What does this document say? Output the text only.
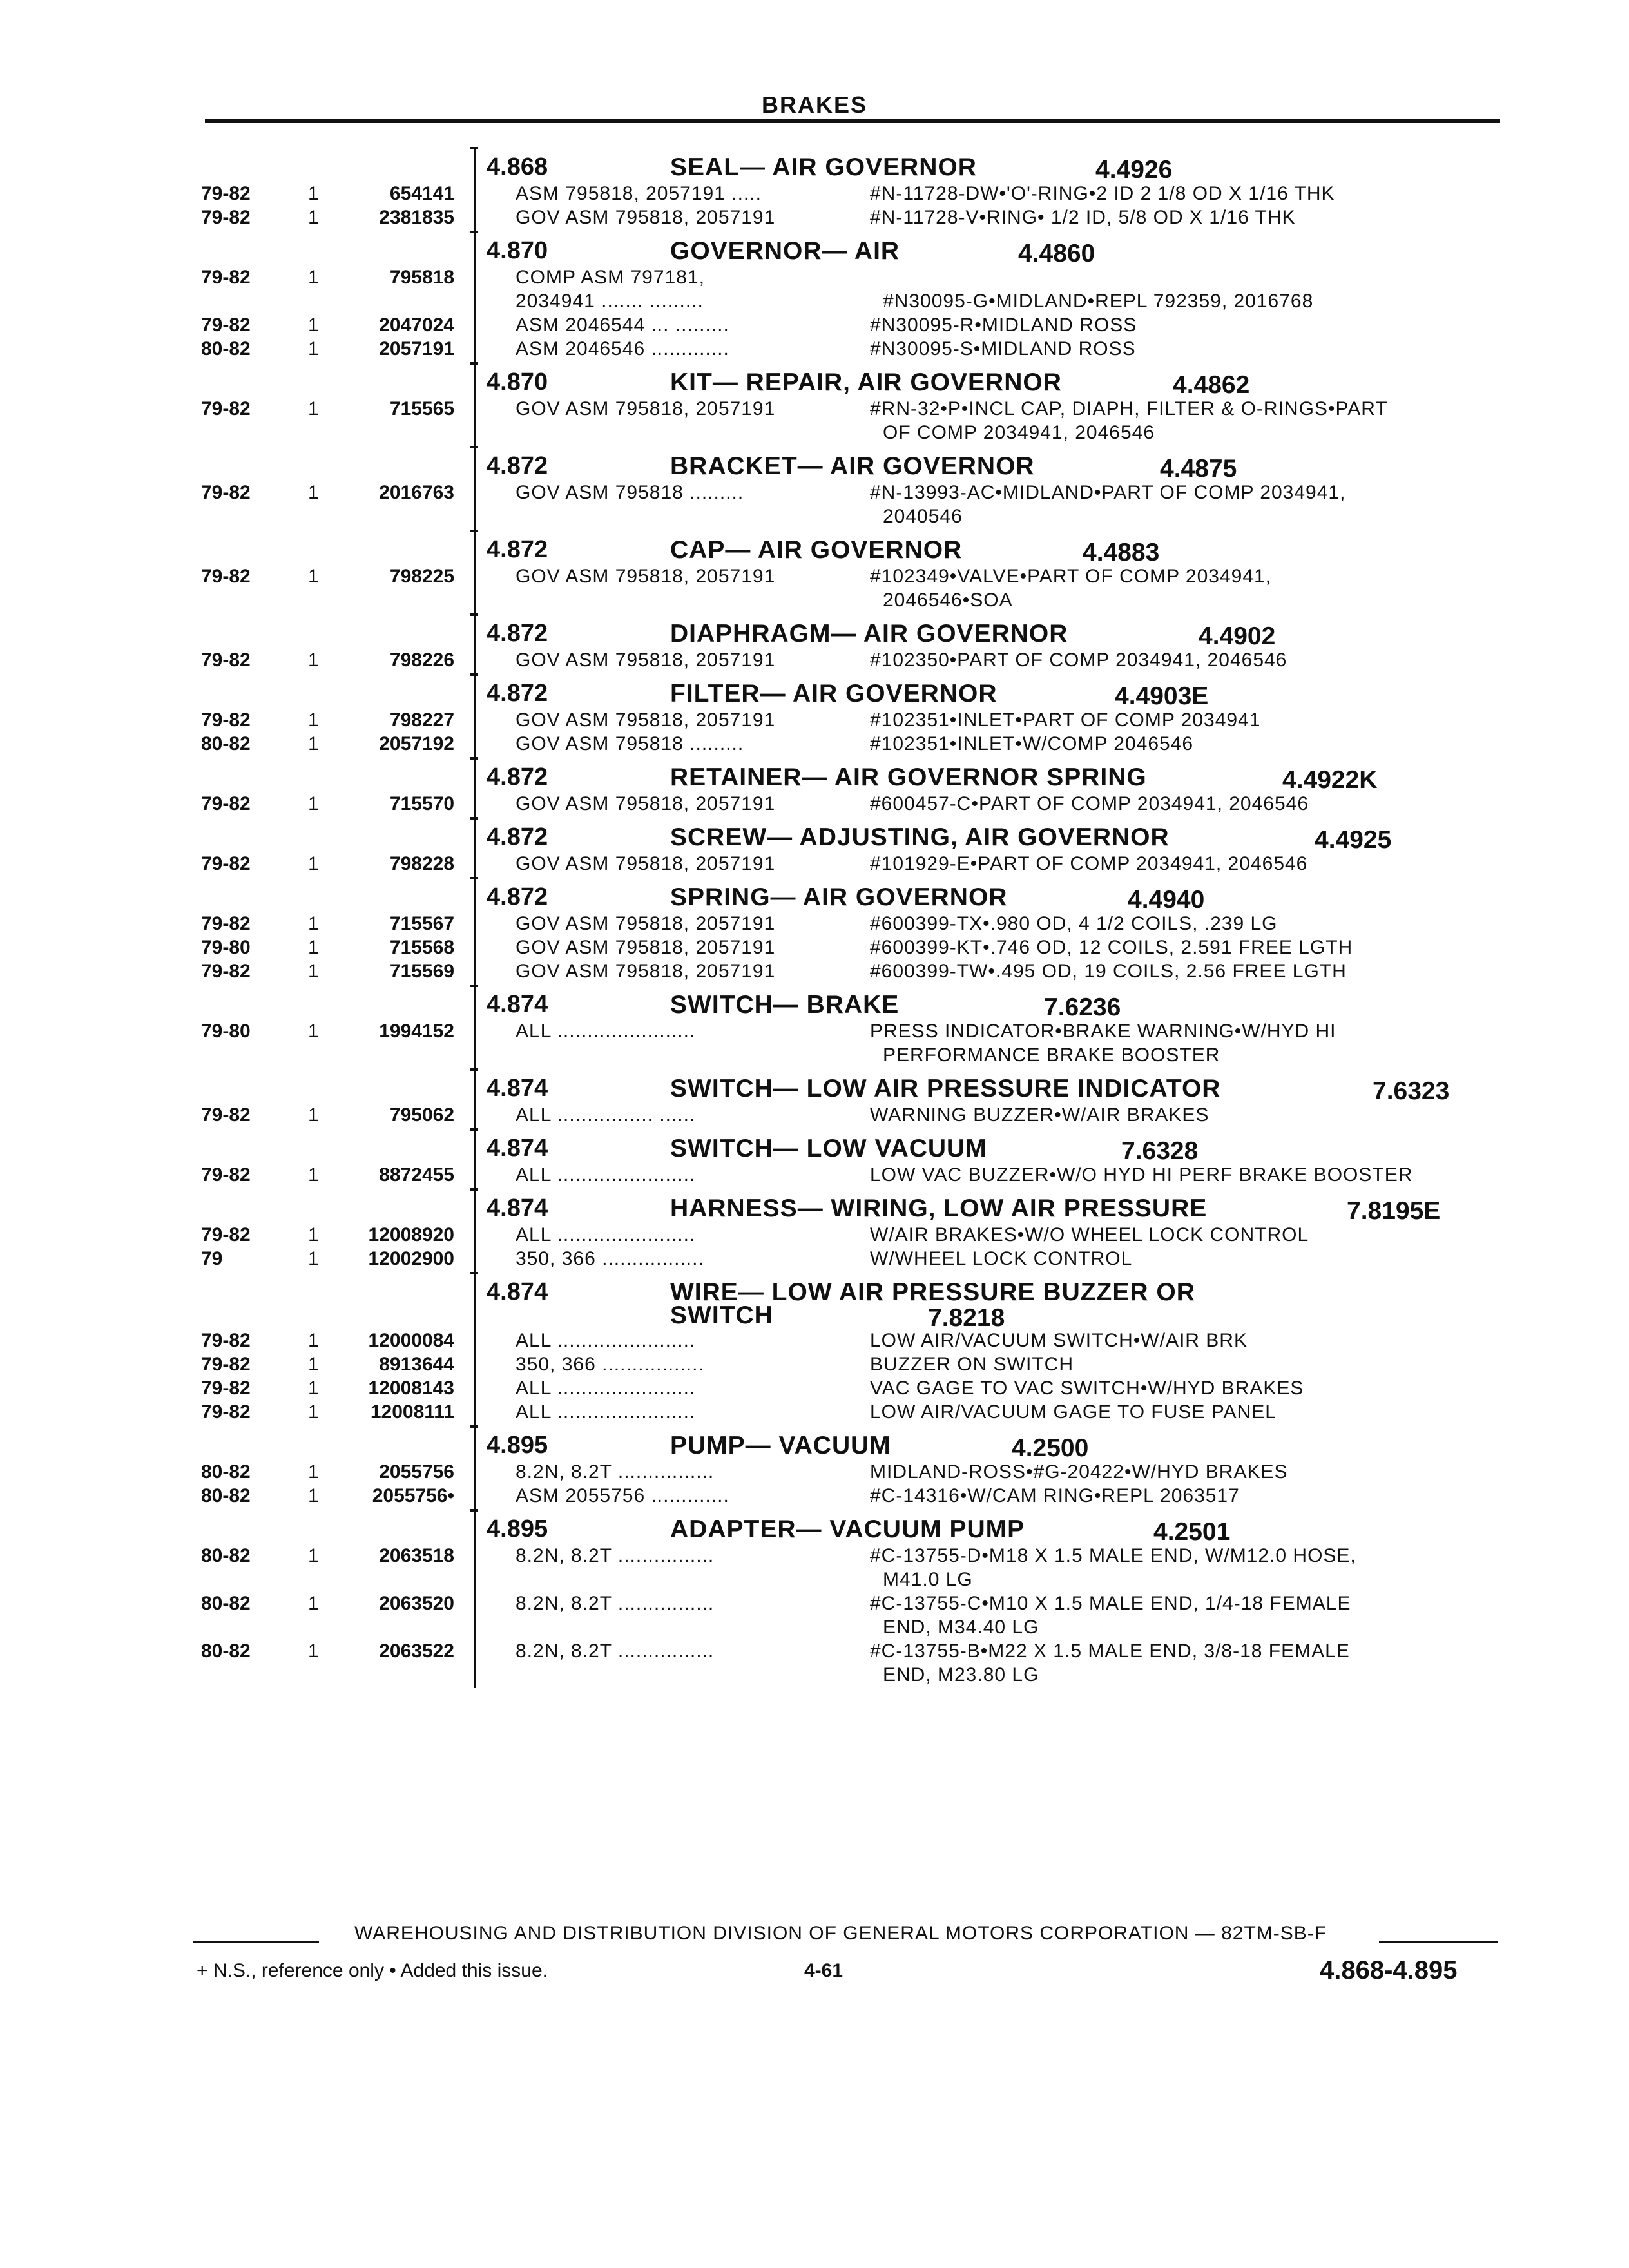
BRAKES
4.868	SEAL— AIR GOVERNOR	4.4926
79-82	1	654141	ASM 795818, 2057191 .....	#N-11728-DW•'O'-RING•2 ID 2 1/8 OD X 1/16 THK
79-82	1	2381835	GOV ASM 795818, 2057191	#N-11728-V•RING• 1/2 ID, 5/8 OD X 1/16 THK
4.870	GOVERNOR— AIR	4.4860
79-82	1	795818	COMP ASM 797181,
2034941 ....... .........	#N30095-G•MIDLAND•REPL 792359, 2016768
79-82	1	2047024	ASM 2046544 ... .........	#N30095-R•MIDLAND ROSS
80-82	1	2057191	ASM 2046546 .............	#N30095-S•MIDLAND ROSS
4.870	KIT— REPAIR, AIR GOVERNOR	4.4862
79-82	1	715565	GOV ASM 795818, 2057191	#RN-32•P•INCL CAP, DIAPH, FILTER & O-RINGS•PART
OF COMP 2034941, 2046546
4.872	BRACKET— AIR GOVERNOR	4.4875
79-82	1	2016763	GOV ASM 795818 .........	#N-13993-AC•MIDLAND•PART OF COMP 2034941,
2040546
4.872	CAP— AIR GOVERNOR	4.4883
79-82	1	798225	GOV ASM 795818, 2057191	#102349•VALVE•PART OF COMP 2034941,
2046546•SOA
4.872	DIAPHRAGM— AIR GOVERNOR	4.4902
79-82	1	798226	GOV ASM 795818, 2057191	#102350•PART OF COMP 2034941, 2046546
4.872	FILTER— AIR GOVERNOR	4.4903E
79-82	1	798227	GOV ASM 795818, 2057191	#102351•INLET•PART OF COMP 2034941
80-82	1	2057192	GOV ASM 795818 .........	#102351•INLET•W/COMP 2046546
4.872	RETAINER— AIR GOVERNOR SPRING	4.4922K
79-82	1	715570	GOV ASM 795818, 2057191	#600457-C•PART OF COMP 2034941, 2046546
4.872	SCREW— ADJUSTING, AIR GOVERNOR	4.4925
79-82	1	798228	GOV ASM 795818, 2057191	#101929-E•PART OF COMP 2034941, 2046546
4.872	SPRING— AIR GOVERNOR	4.4940
79-82	1	715567	GOV ASM 795818, 2057191	#600399-TX•.980 OD, 4 1/2 COILS, .239 LG
79-80	1	715568	GOV ASM 795818, 2057191	#600399-KT•.746 OD, 12 COILS, 2.591 FREE LGTH
79-82	1	715569	GOV ASM 795818, 2057191	#600399-TW•.495 OD, 19 COILS, 2.56 FREE LGTH
4.874	SWITCH— BRAKE	7.6236
79-80	1	1994152	ALL .......................	PRESS INDICATOR•BRAKE WARNING•W/HYD HI
PERFORMANCE BRAKE BOOSTER
4.874	SWITCH— LOW AIR PRESSURE INDICATOR	7.6323
79-82	1	795062	ALL ................ ......	WARNING BUZZER•W/AIR BRAKES
4.874	SWITCH— LOW VACUUM	7.6328
79-82	1	8872455	ALL .......................	LOW VAC BUZZER•W/O HYD HI PERF BRAKE BOOSTER
4.874	HARNESS— WIRING, LOW AIR PRESSURE	7.8195E
79-82	1	12008920	ALL .......................	W/AIR BRAKES•W/O WHEEL LOCK CONTROL
79	1	12002900	350, 366 .................	W/WHEEL LOCK CONTROL
4.874	WIRE— LOW AIR PRESSURE BUZZER OR
SWITCH	7.8218
79-82	1	12000084	ALL .......................	LOW AIR/VACUUM SWITCH•W/AIR BRK
79-82	1	8913644	350, 366 .................	BUZZER ON SWITCH
79-82	1	12008143	ALL .......................	VAC GAGE TO VAC SWITCH•W/HYD BRAKES
79-82	1	12008111	ALL .......................	LOW AIR/VACUUM GAGE TO FUSE PANEL
4.895	PUMP— VACUUM	4.2500
80-82	1	2055756	8.2N, 8.2T ................	MIDLAND-ROSS•#G-20422•W/HYD BRAKES
80-82	1	2055756•	ASM 2055756 .............	#C-14316•W/CAM RING•REPL 2063517
4.895	ADAPTER— VACUUM PUMP	4.2501
80-82	1	2063518	8.2N, 8.2T ................	#C-13755-D•M18 X 1.5 MALE END, W/M12.0 HOSE,
M41.0 LG
80-82	1	2063520	8.2N, 8.2T ................	#C-13755-C•M10 X 1.5 MALE END, 1/4-18 FEMALE
END, M34.40 LG
80-82	1	2063522	8.2N, 8.2T ................	#C-13755-B•M22 X 1.5 MALE END, 3/8-18 FEMALE
END, M23.80 LG
WAREHOUSING AND DISTRIBUTION DIVISION OF GENERAL MOTORS CORPORATION — 82TM-SB-F
+ N.S., reference only • Added this issue.	4-61	4.868-4.895
